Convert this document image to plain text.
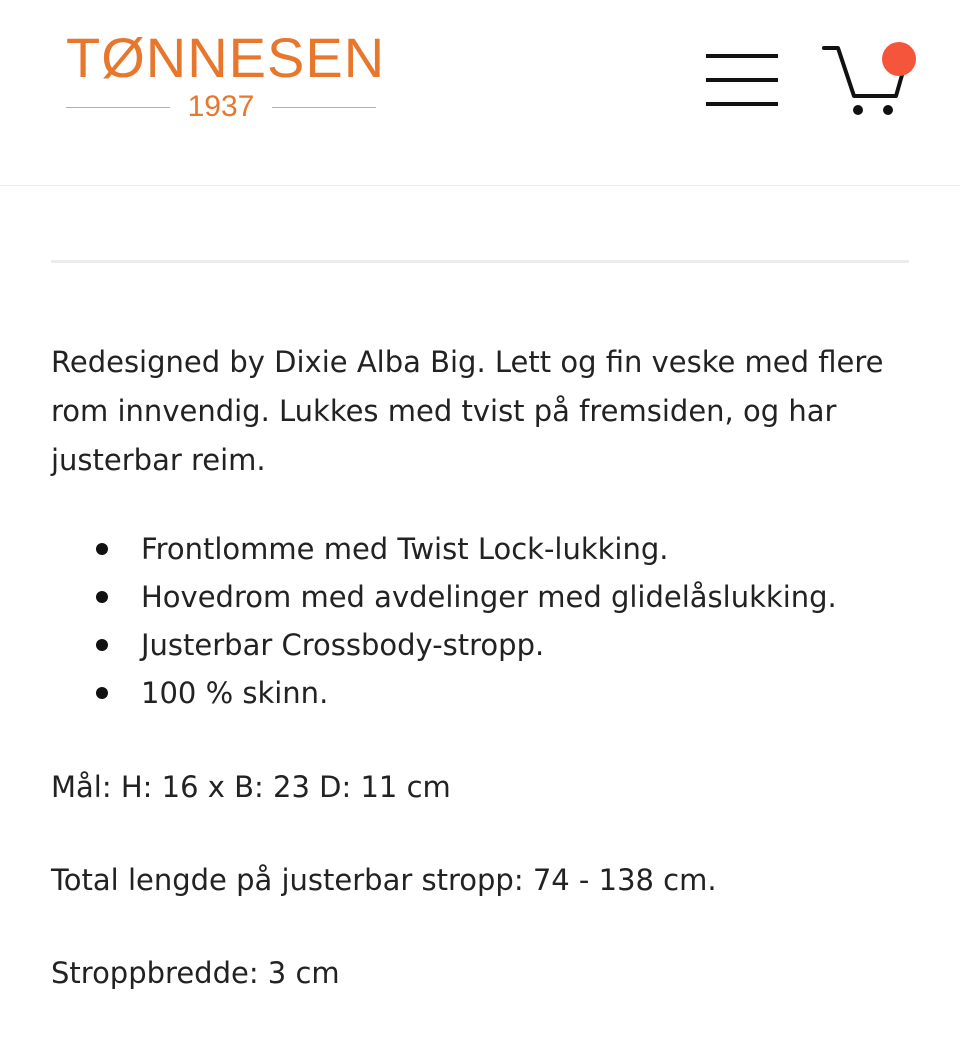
TØNNESEN
1937

Redesigned by Dixie Alba Big. Lett og fin veske med flere rom innvendig. Lukkes med tvist på fremsiden, og har justerbar reim.

Frontlomme med Twist Lock-lukking.
Hovedrom med avdelinger med glidelåslukking.
Justerbar Crossbody-stropp.
100 % skinn.

Mål: H: 16 x B: 23 D: 11 cm

Total lengde på justerbar stropp: 74 - 138 cm.

Stroppbredde: 3 cm
